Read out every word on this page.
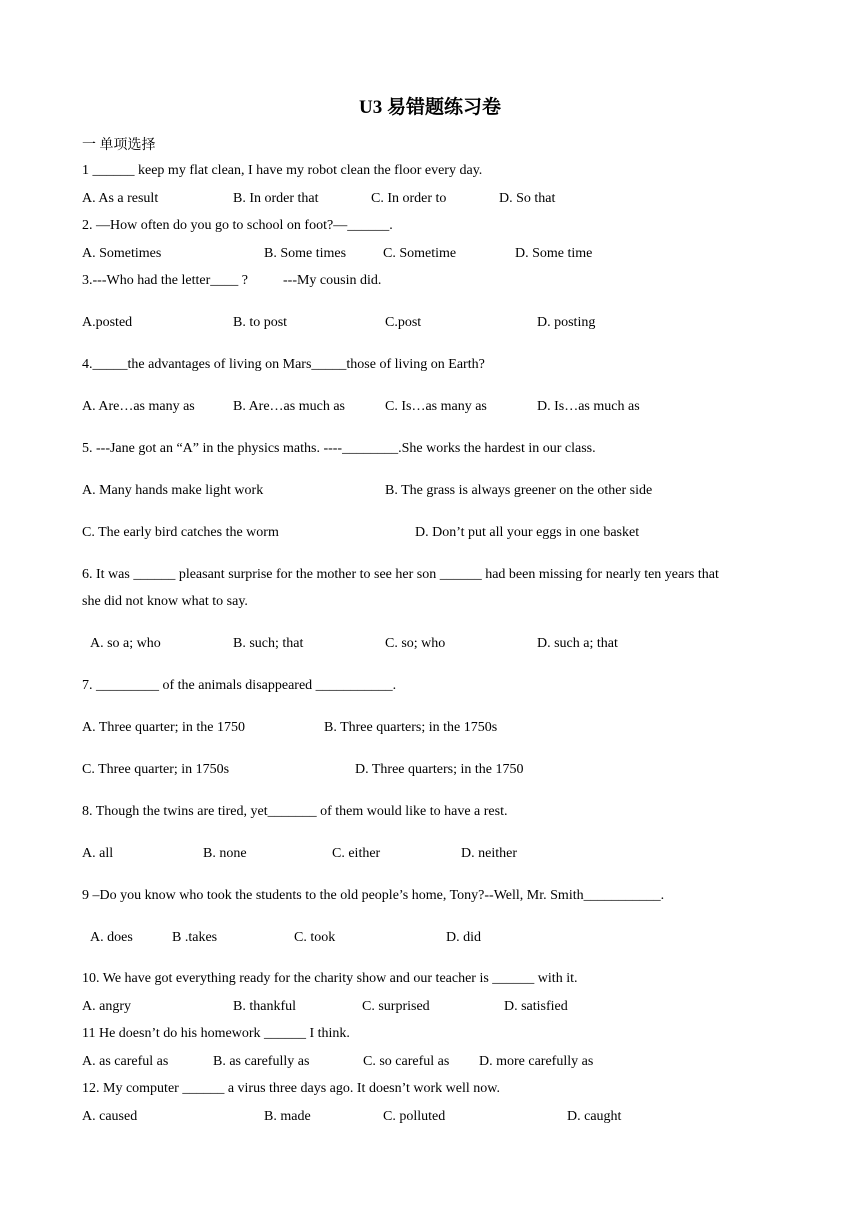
U3 易错题练习卷
一 单项选择

1 ______ keep my flat clean, I have my robot clean the floor every day.

A. As a result	B. In order that	C. In order to	D. So that

2. —How often do you go to school on foot?—______.

A. Sometimes	B. Some times	C. Sometime	D. Some time

3.---Who had the letter____ ?          ---My cousin did.

A.posted	B. to post	C.post	D. posting

4._____the advantages of living on Mars_____those of living on Earth?

A. Are…as many as	B. Are…as much as	C. Is…as many as	D. Is…as much as

5. ---Jane got an “A” in the physics maths. ----________.She works the hardest in our class.

A. Many hands make light work	B. The grass is always greener on the other side
C. The early bird catches the worm	D. Don’t put all your eggs in one basket

6. It was ______ pleasant surprise for the mother to see her son ______ had been missing for nearly ten years that

she did not know what to say.

A. so a; who	B. such; that	C. so; who	D. such a; that

7. _________ of the animals disappeared ___________.

A. Three quarter; in the 1750	B. Three quarters; in the 1750s
C. Three quarter; in 1750s	D. Three quarters; in the 1750

8. Though the twins are tired, yet_______ of them would like to have a rest.

A. all	B. none	C. either	D. neither

9 –Do you know who took the students to the old people’s home, Tony?--Well, Mr. Smith___________.

A. does	B .takes	C. took	D. did

10. We have got everything ready for the charity show and our teacher is ______ with it.

A. angry	B. thankful	C. surprised	D. satisfied

11 He doesn’t do his homework ______ I think.

A. as careful as	B. as carefully as	C. so careful as D. more carefully as

12. My computer ______ a virus three days ago. It doesn’t work well now.

A. caused	B. made	C. polluted	D. caught
